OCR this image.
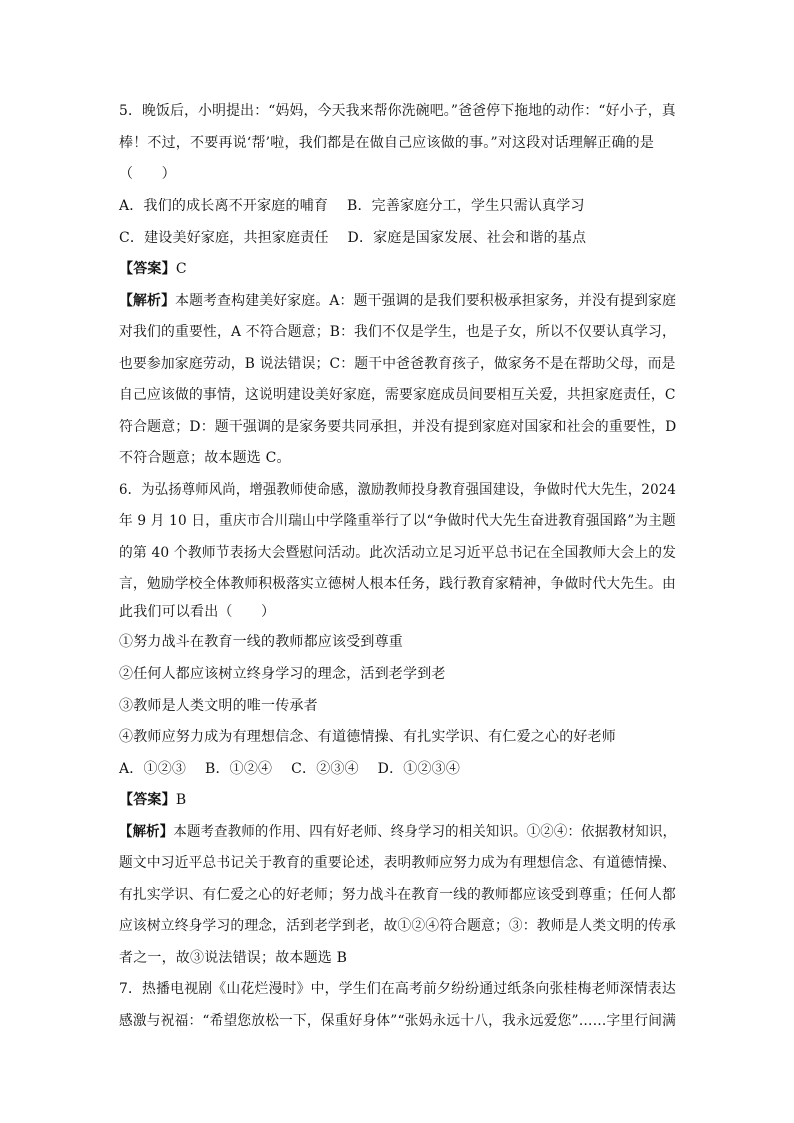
5．晚饭后，小明提出：“妈妈，今天我来帮你洗碗吧。”爸爸停下拖地的动作：“好小子，真
棒！不过，不要再说‘帮’啦，我们都是在做自己应该做的事。”对这段对话理解正确的是
（　　）
A．我们的成长离不开家庭的哺育　 B．完善家庭分工，学生只需认真学习
C．建设美好家庭，共担家庭责任　 D．家庭是国家发展、社会和谐的基点
【答案】C
【解析】本题考查构建美好家庭。A：题干强调的是我们要积极承担家务，并没有提到家庭
对我们的重要性，A 不符合题意；B：我们不仅是学生，也是子女，所以不仅要认真学习，
也要参加家庭劳动，B 说法错误；C：题干中爸爸教育孩子，做家务不是在帮助父母，而是
自己应该做的事情，这说明建设美好家庭，需要家庭成员间要相互关爱，共担家庭责任，C
符合题意；D：题干强调的是家务要共同承担，并没有提到家庭对国家和社会的重要性，D
不符合题意；故本题选 C。
6．为弘扬尊师风尚，增强教师使命感，激励教师投身教育强国建设，争做时代大先生，2024
年 9 月 10 日，重庆市合川瑞山中学隆重举行了以“争做时代大先生奋进教育强国路”为主题
的第 40 个教师节表扬大会暨慰问活动。此次活动立足习近平总书记在全国教师大会上的发
言，勉励学校全体教师积极落实立德树人根本任务，践行教育家精神，争做时代大先生。由
此我们可以看出（　　）
①努力战斗在教育一线的教师都应该受到尊重
②任何人都应该树立终身学习的理念，活到老学到老
③教师是人类文明的唯一传承者
④教师应努力成为有理想信念、有道德情操、有扎实学识、有仁爱之心的好老师
A．①②③　 B．①②④　 C．②③④　 D．①②③④
【答案】B
【解析】本题考查教师的作用、四有好老师、终身学习的相关知识。①②④：依据教材知识，
题文中习近平总书记关于教育的重要论述，表明教师应努力成为有理想信念、有道德情操、
有扎实学识、有仁爱之心的好老师；努力战斗在教育一线的教师都应该受到尊重；任何人都
应该树立终身学习的理念，活到老学到老，故①②④符合题意；③：教师是人类文明的传承
者之一，故③说法错误；故本题选 B
7．热播电视剧《山花烂漫时》中，学生们在高考前夕纷纷通过纸条向张桂梅老师深情表达
感激与祝福：“希望您放松一下，保重好身体”“张妈永远十八，我永远爱您”……字里行间满
